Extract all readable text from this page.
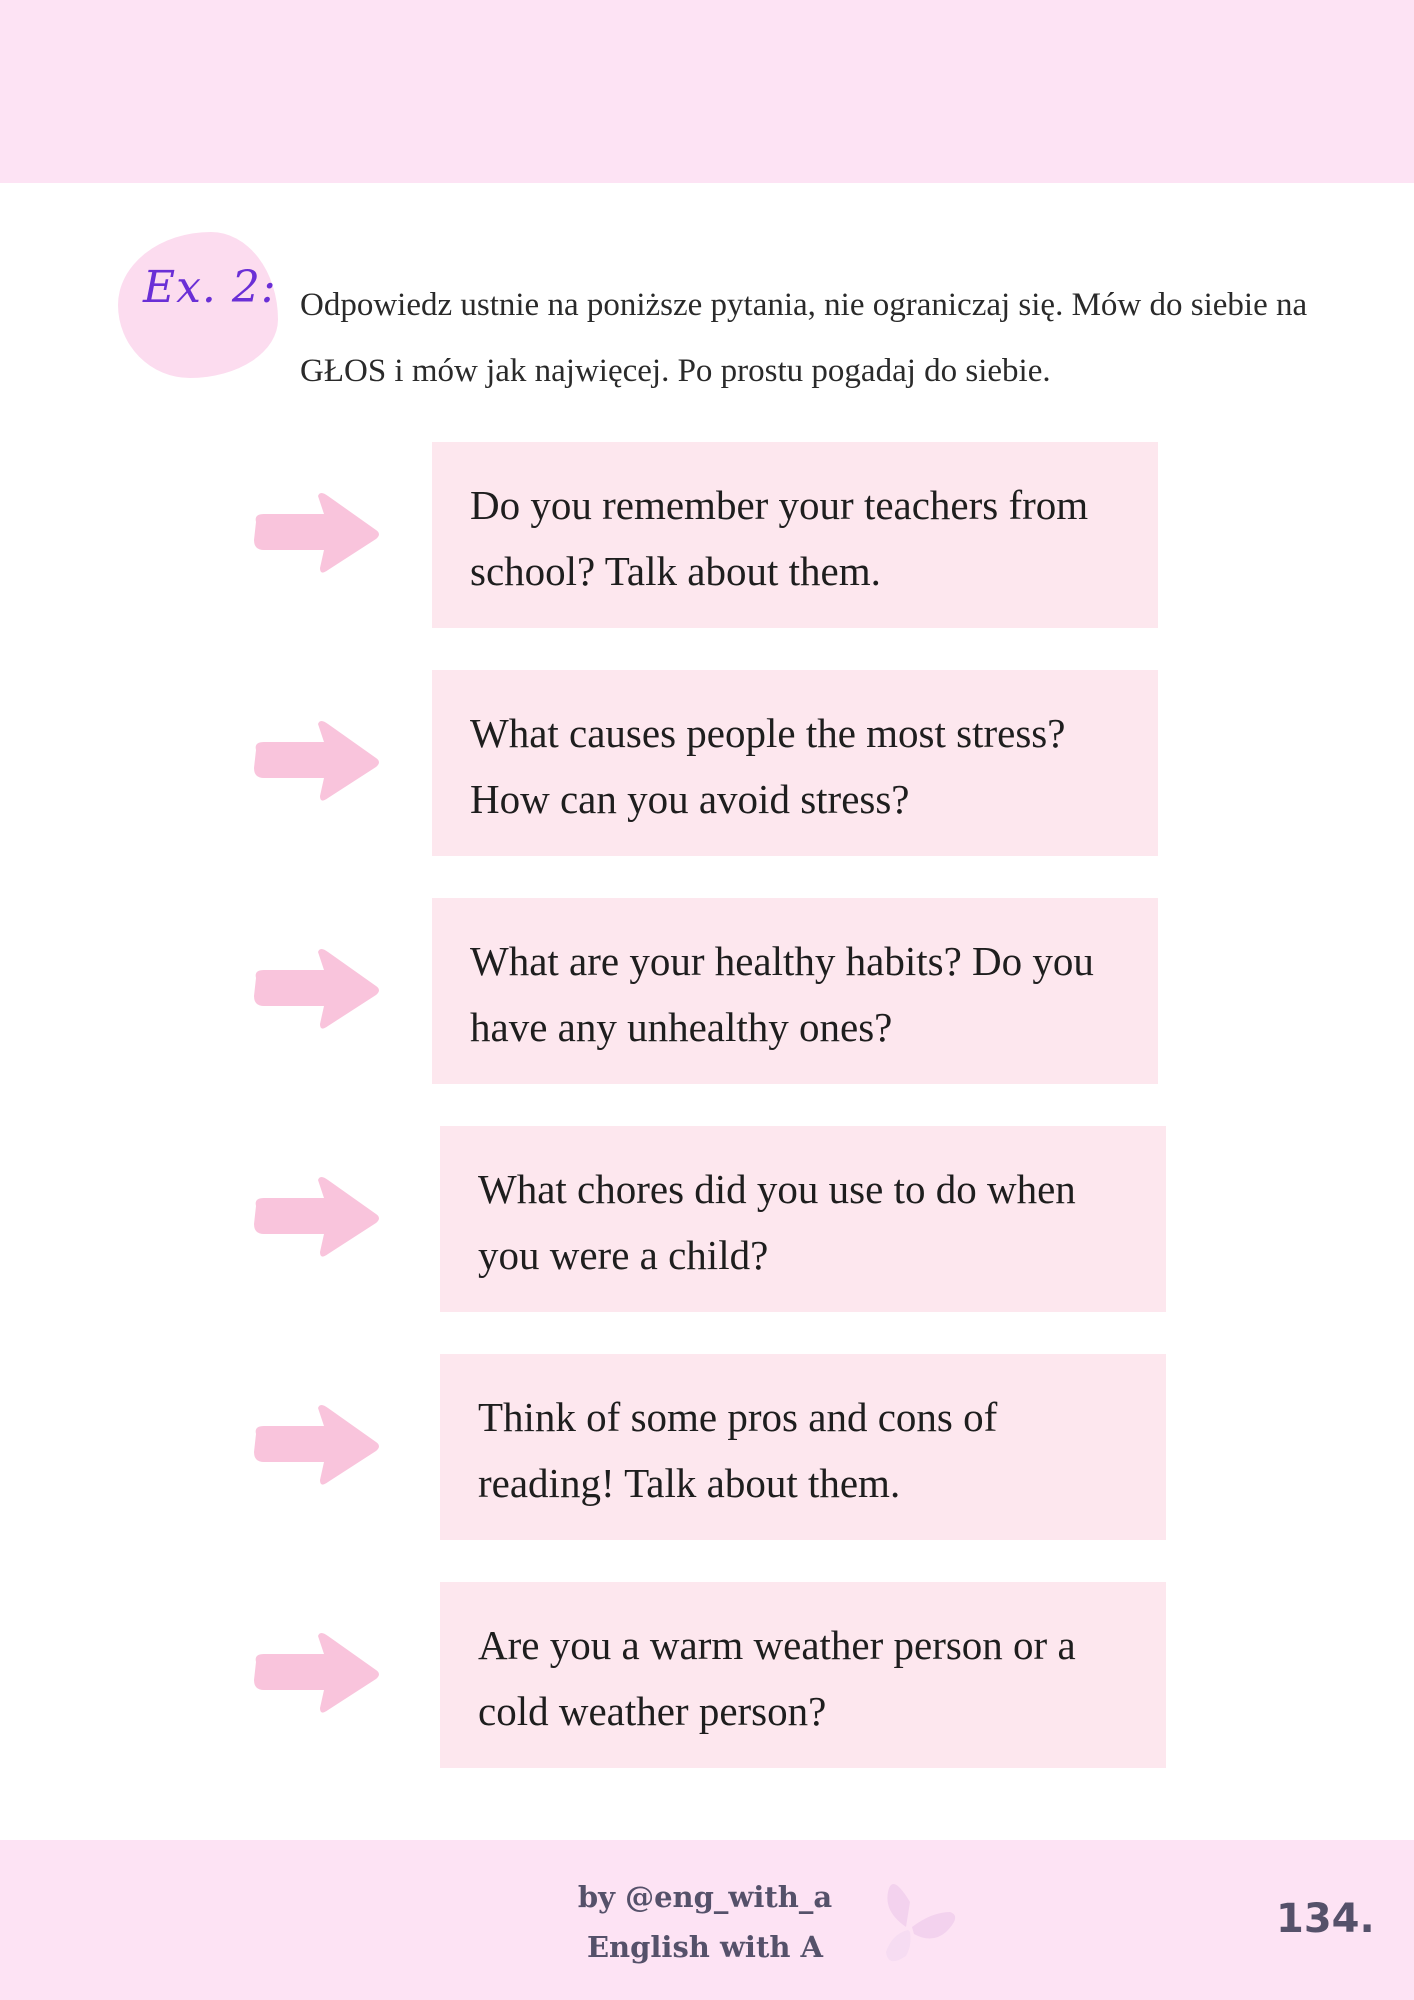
Ex. 2: Odpowiedz ustnie na poniższe pytania, nie ograniczaj się. Mów do siebie na GŁOS i mów jak najwięcej. Po prostu pogadaj do siebie.
Do you remember your teachers from school? Talk about them.
What causes people the most stress? How can you avoid stress?
What are your healthy habits? Do you have any unhealthy ones?
What chores did you use to do when you were a child?
Think of some pros and cons of reading! Talk about them.
Are you a warm weather person or a cold weather person?
by @eng_with_a
English with A
134.
